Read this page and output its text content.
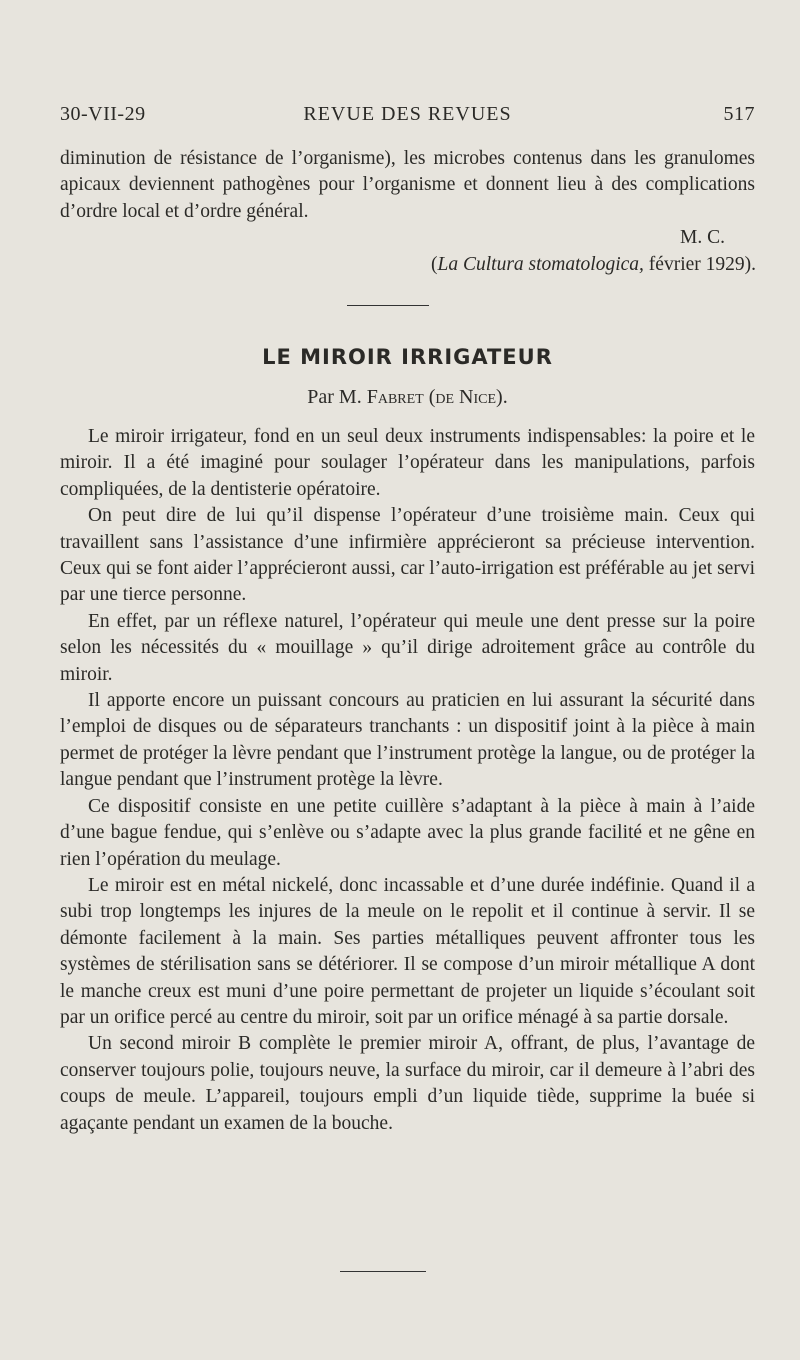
30-VII-29	REVUE DES REVUES	517

diminution de résistance de l’organisme), les microbes contenus dans les granulomes apicaux deviennent pathogènes pour l’organisme et donnent lieu à des complications d’ordre local et d’ordre général.

M. C.
(La Cultura stomatologica, février 1929).
LE MIROIR IRRIGATEUR
Par M. Fabret (de Nice).

Le miroir irrigateur, fond en un seul deux instruments indispensables: la poire et le miroir. Il a été imaginé pour soulager l’opérateur dans les manipulations, parfois compliquées, de la dentisterie opératoire.

On peut dire de lui qu’il dispense l’opérateur d’une troisième main. Ceux qui travaillent sans l’assistance d’une infirmière apprécieront sa précieuse intervention. Ceux qui se font aider l’apprécieront aussi, car l’auto-irrigation est préférable au jet servi par une tierce personne.

En effet, par un réflexe naturel, l’opérateur qui meule une dent presse sur la poire selon les nécessités du « mouillage » qu’il dirige adroitement grâce au contrôle du miroir.

Il apporte encore un puissant concours au praticien en lui assurant la sécurité dans l’emploi de disques ou de séparateurs tranchants : un dispositif joint à la pièce à main permet de protéger la lèvre pendant que l’instrument protège la langue, ou de protéger la langue pendant que l’instrument protège la lèvre.

Ce dispositif consiste en une petite cuillère s’adaptant à la pièce à main à l’aide d’une bague fendue, qui s’enlève ou s’adapte avec la plus grande facilité et ne gêne en rien l’opération du meulage.

Le miroir est en métal nickelé, donc incassable et d’une durée indéfinie. Quand il a subi trop longtemps les injures de la meule on le repolit et il continue à servir. Il se démonte facilement à la main. Ses parties métalliques peuvent affronter tous les systèmes de stérilisation sans se détériorer. Il se compose d’un miroir métallique A dont le manche creux est muni d’une poire permettant de projeter un liquide s’écoulant soit par un orifice percé au centre du miroir, soit par un orifice ménagé à sa partie dorsale.

Un second miroir B complète le premier miroir A, offrant, de plus, l’avantage de conserver toujours polie, toujours neuve, la surface du miroir, car il demeure à l’abri des coups de meule. L’appareil, toujours empli d’un liquide tiède, supprime la buée si agaçante pendant un examen de la bouche.
